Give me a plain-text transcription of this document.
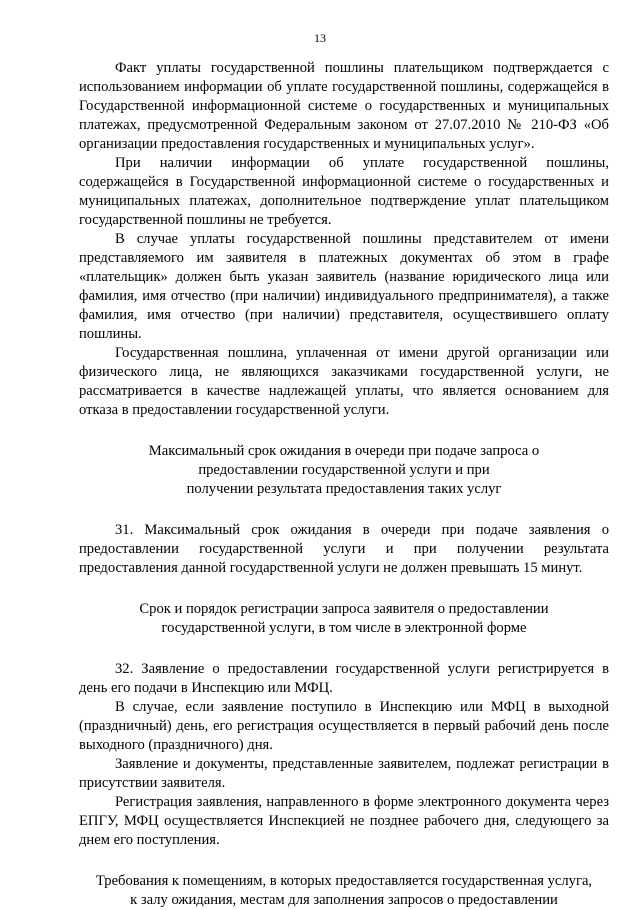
13

Факт уплаты государственной пошлины плательщиком подтверждается с использованием информации об уплате государственной пошлины, содержащейся в Государственной информационной системе о государственных и муниципальных платежах, предусмотренной Федеральным законом от 27.07.2010 № 210-ФЗ «Об организации предоставления государственных и муниципальных услуг».

При наличии информации об уплате государственной пошлины, содержащейся в Государственной информационной системе о государственных и муниципальных платежах, дополнительное подтверждение уплат плательщиком государственной пошлины не требуется.

В случае уплаты государственной пошлины представителем от имени представляемого им заявителя в платежных документах об этом в графе «плательщик» должен быть указан заявитель (название юридического лица или фамилия, имя отчество (при наличии) индивидуального предпринимателя), а также фамилия, имя отчество (при наличии) представителя, осуществившего оплату пошлины.

Государственная пошлина, уплаченная от имени другой организации или физического лица, не являющихся заказчиками государственной услуги, не рассматривается в качестве надлежащей уплаты, что является основанием для отказа в предоставлении государственной услуги.

Максимальный срок ожидания в очереди при подаче запроса о
предоставлении государственной услуги и при
получении результата предоставления таких услуг

31. Максимальный срок ожидания в очереди при подаче заявления о предоставлении государственной услуги и при получении результата предоставления данной государственной услуги не должен превышать 15 минут.

Срок и порядок регистрации запроса заявителя о предоставлении
государственной услуги, в том числе в электронной форме

32. Заявление о предоставлении государственной услуги регистрируется в день его подачи в Инспекцию или МФЦ.

В случае, если заявление поступило в Инспекцию или МФЦ в выходной (праздничный) день, его регистрация осуществляется в первый рабочий день после выходного (праздничного) дня.

Заявление и документы, представленные заявителем, подлежат регистрации в присутствии заявителя.

Регистрация заявления, направленного в форме электронного документа через ЕПГУ, МФЦ осуществляется Инспекцией не позднее рабочего дня, следующего за днем его поступления.

Требования к помещениям, в которых предоставляется государственная услуга,
к залу ожидания, местам для заполнения запросов о предоставлении
